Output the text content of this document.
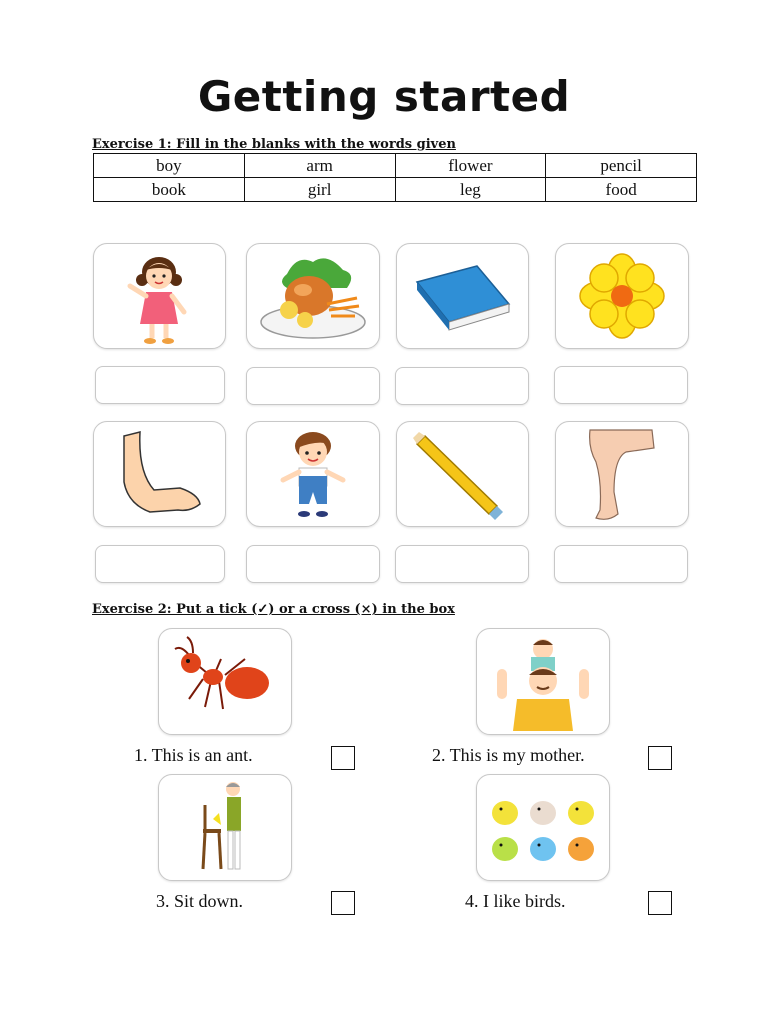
Getting started
Exercise 1: Fill in the blanks with the words given
boy	arm	flower	pencil
book	girl	leg	food
Exercise 2: Put a tick (✓) or a cross (×) in the box
1. This is an ant.	2. This is my mother.
3. Sit down.	4. I like birds.
